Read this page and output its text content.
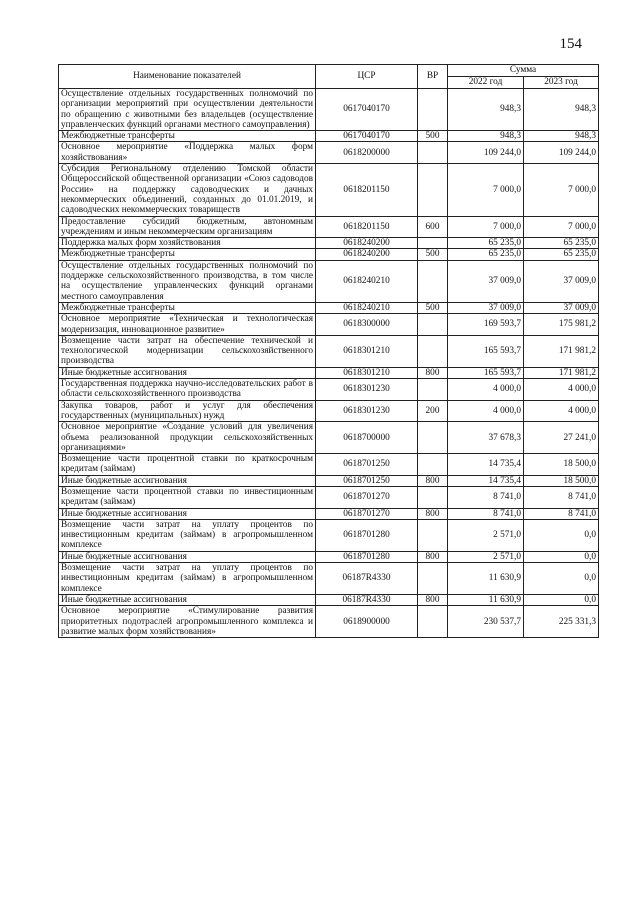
154
Наименование показателей	ЦСР	ВР	Сумма	
			2022 год	2023 год
Осуществление отдельных государственных полномочий по организации мероприятий при осуществлении деятельности по обращению с животными без владельцев (осуществление управленческих функций органами местного самоуправления)	0617040170		948,3	948,3
Межбюджетные трансферты	0617040170	500	948,3	948,3
Основное мероприятие «Поддержка малых форм хозяйствования»	0618200000		109 244,0	109 244,0
Субсидия Региональному отделению Томской области Общероссийской общественной организации «Союз садоводов России» на поддержку садоводческих и дачных некоммерческих объединений, созданных до 01.01.2019, и садоводческих некоммерческих товариществ	0618201150		7 000,0	7 000,0
Предоставление субсидий бюджетным, автономным учреждениям и иным некоммерческим организациям	0618201150	600	7 000,0	7 000,0
Поддержка малых форм хозяйствования	0618240200		65 235,0	65 235,0
Межбюджетные трансферты	0618240200	500	65 235,0	65 235,0
Осуществление отдельных государственных полномочий по поддержке сельскохозяйственного производства, в том числе на осуществление управленческих функций органами местного самоуправления	0618240210		37 009,0	37 009,0
Межбюджетные трансферты	0618240210	500	37 009,0	37 009,0
Основное мероприятие «Техническая и технологическая модернизация, инновационное развитие»	0618300000		169 593,7	175 981,2
Возмещение части затрат на обеспечение технической и технологической модернизации сельскохозяйственного производства	0618301210		165 593,7	171 981,2
Иные бюджетные ассигнования	0618301210	800	165 593,7	171 981,2
Государственная поддержка научно-исследовательских работ в области сельскохозяйственного производства	0618301230		4 000,0	4 000,0
Закупка товаров, работ и услуг для обеспечения государственных (муниципальных) нужд	0618301230	200	4 000,0	4 000,0
Основное мероприятие «Создание условий для увеличения объема реализованной продукции сельскохозяйственных организациями»	0618700000		37 678,3	27 241,0
Возмещение части процентной ставки по краткосрочным кредитам (займам)	0618701250		14 735,4	18 500,0
Иные бюджетные ассигнования	0618701250	800	14 735,4	18 500,0
Возмещение части процентной ставки по инвестиционным кредитам (займам)	0618701270		8 741,0	8 741,0
Иные бюджетные ассигнования	0618701270	800	8 741,0	8 741,0
Возмещение части затрат на уплату процентов по инвестиционным кредитам (займам) в агропромышленном комплексе	0618701280		2 571,0	0,0
Иные бюджетные ассигнования	0618701280	800	2 571,0	0,0
Возмещение части затрат на уплату процентов по инвестиционным кредитам (займам) в агропромышленном комплексе	06187R4330		11 630,9	0,0
Иные бюджетные ассигнования	06187R4330	800	11 630,9	0,0
Основное мероприятие «Стимулирование развития приоритетных подотраслей агропромышленного комплекса и развитие малых форм хозяйствования»	0618900000		230 537,7	225 331,3
